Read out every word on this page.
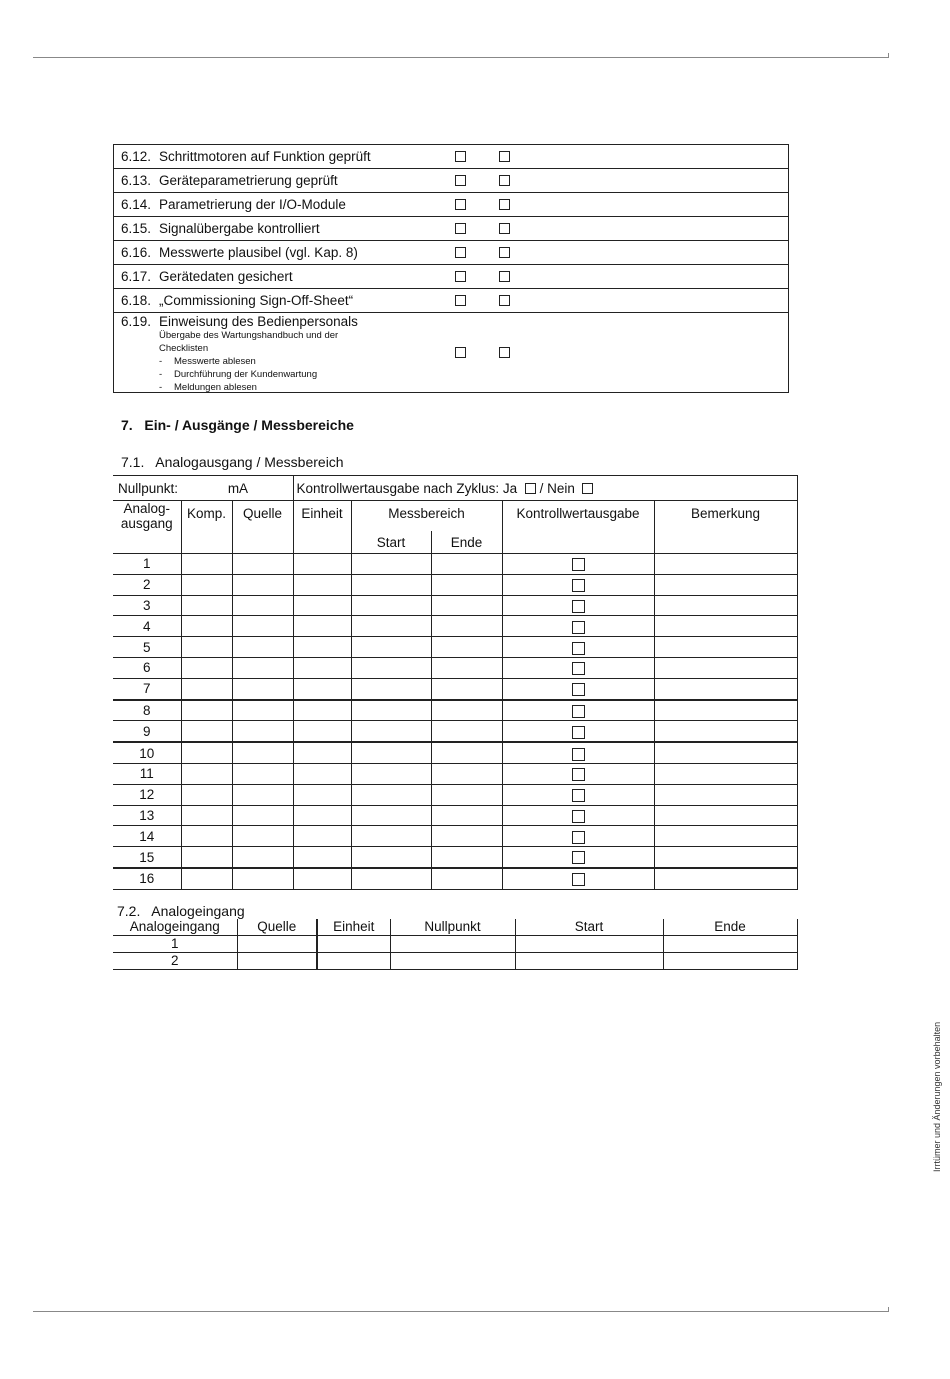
6.12. Schrittmotoren auf Funktion geprüft

6.13. Geräteparametrierung geprüft

6.14. Parametrierung der I/O-Module

6.15. Signalübergabe kontrolliert

6.16. Messwerte plausibel (vgl. Kap. 8)

6.17. Gerätedaten gesichert

6.18. „Commissioning Sign-Off-Sheet“

6.19. Einweisung des Bedienpersonals
Übergabe des Wartungshandbuch und der
Checklisten
- Messwerte ablesen
- Durchführung der Kundenwartung
- Meldungen ablesen
7. Ein- / Ausgänge / Messbereiche
7.1.   Analogausgang / Messbereich
Nullpunkt: mA			Kontrollwertausgabe nach Zyklus: Ja / Nein				
Analog-
ausgang	Komp.	Quelle	Einheit	Messbereich		Kontrollwertausgabe	Bemerkung
				Start	Ende		
1							
2							
3							
4							
5							
6							
7							
8							
9							
10							
11							
12							
13							
14							
15							
16							
7.2.   Analogeingang
Analogeingang	Quelle	Einheit	Nullpunkt	Start	Ende
1					
2					
Irrtümer und Änderungen vorbehalten
